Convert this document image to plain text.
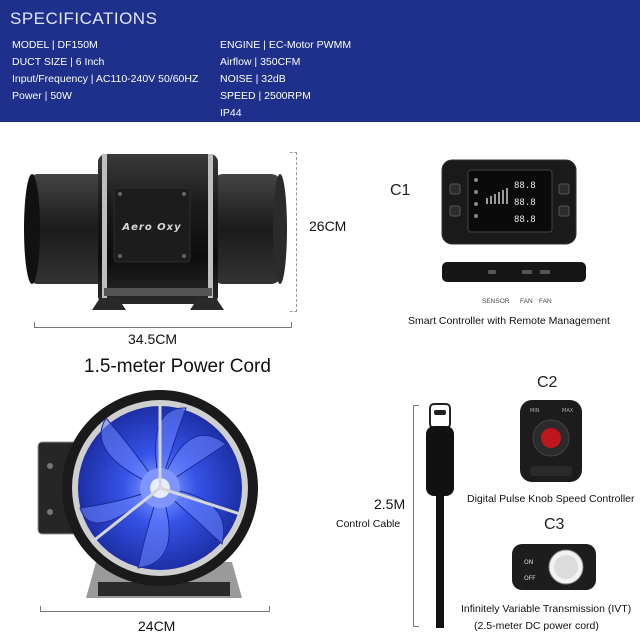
SPECIFICATIONS
MODEL | DF150M
DUCT SIZE | 6 Inch
Input/Frequency | AC110-240V 50/60HZ
Power | 50W
ENGINE | EC-Motor PWMM
Airflow | 350CFM
NOISE | 32dB
SPEED | 2500RPM
IP44
Aero Oxy	26CM
34.5CM
C1	88.8
88.8
88.8
SENSOR FAN FAN
Smart Controller with Remote Management
1.5-meter Power Cord
24CM
2.5M
Control Cable
C2
MIN	MAX
Digital Pulse Knob Speed Controller
C3
ON
OFF
Infinitely Variable Transmission (IVT)
(2.5-meter DC power cord)
